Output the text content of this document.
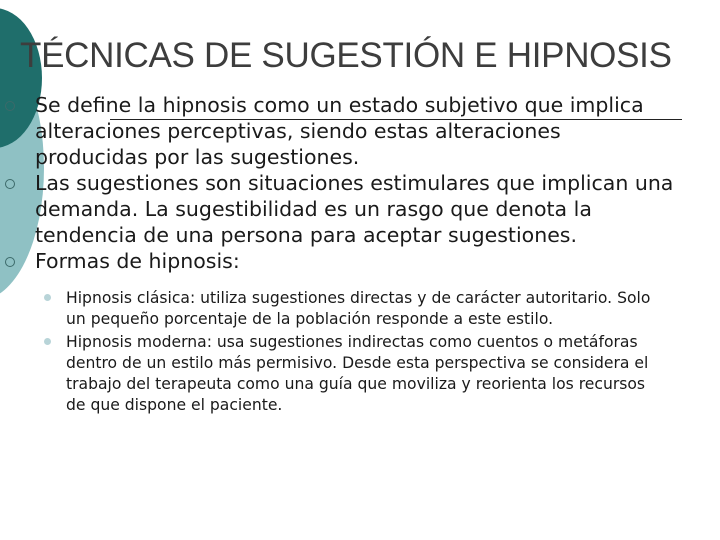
TÉCNICAS DE SUGESTIÓN E HIPNOSIS

Se define la hipnosis como un estado subjetivo que implica alteraciones perceptivas, siendo estas alteraciones producidas por las sugestiones.

Las sugestiones son situaciones estimulares que implican una demanda. La sugestibilidad es un rasgo que denota la tendencia de una persona para aceptar sugestiones.

Formas de hipnosis:

Hipnosis clásica: utiliza sugestiones directas y de carácter autoritario. Solo un pequeño porcentaje de la población responde a este estilo.

Hipnosis moderna: usa sugestiones indirectas como cuentos o metáforas dentro de un estilo más permisivo. Desde esta perspectiva se considera el trabajo del terapeuta como una guía que moviliza y reorienta los recursos de que dispone el paciente.
